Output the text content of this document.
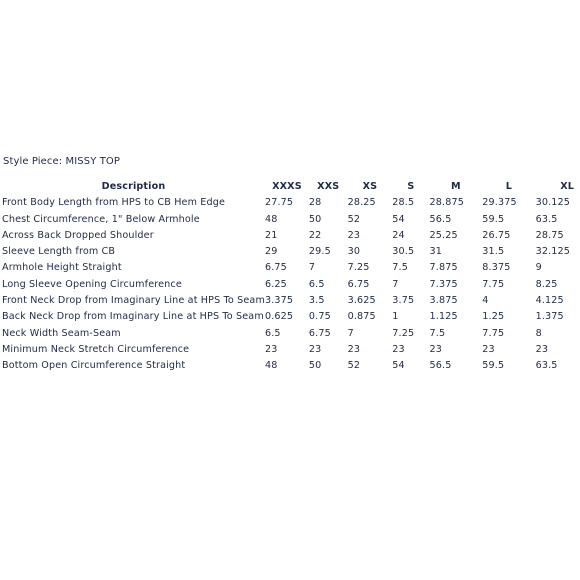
Style Piece: MISSY TOP
Description	XXXS	XXS	XS	S	M	L	XL
Front Body Length from HPS to CB Hem Edge	27.75	28	28.25	28.5	28.875	29.375	30.125
Chest Circumference, 1" Below Armhole	48	50	52	54	56.5	59.5	63.5
Across Back Dropped Shoulder	21	22	23	24	25.25	26.75	28.75
Sleeve Length from CB	29	29.5	30	30.5	31	31.5	32.125
Armhole Height Straight	6.75	7	7.25	7.5	7.875	8.375	9
Long Sleeve Opening Circumference	6.25	6.5	6.75	7	7.375	7.75	8.25
Front Neck Drop from Imaginary Line at HPS To Seam	3.375	3.5	3.625	3.75	3.875	4	4.125
Back Neck Drop from Imaginary Line at HPS To Seam	0.625	0.75	0.875	1	1.125	1.25	1.375
Neck Width Seam-Seam	6.5	6.75	7	7.25	7.5	7.75	8
Minimum Neck Stretch Circumference	23	23	23	23	23	23	23
Bottom Open Circumference Straight	48	50	52	54	56.5	59.5	63.5
